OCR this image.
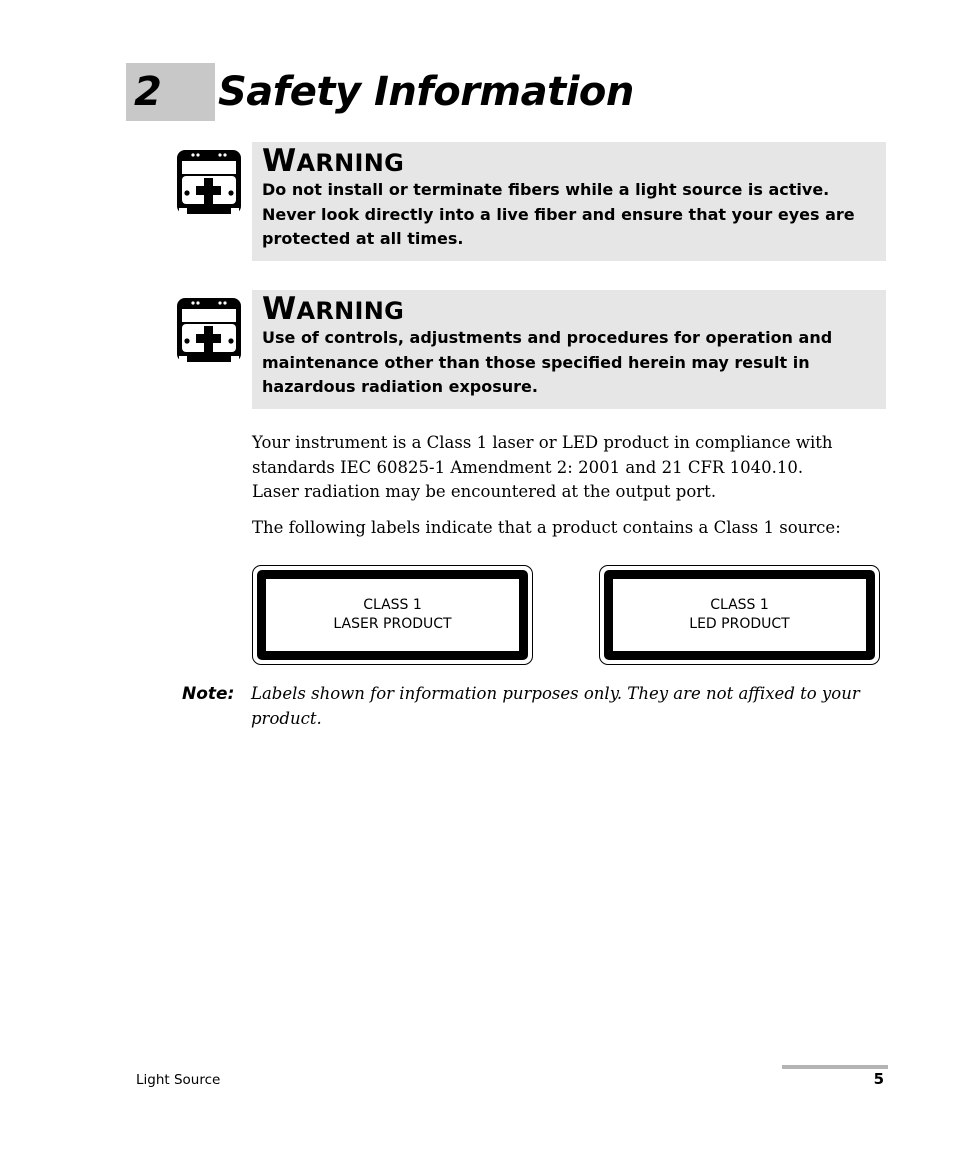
2 Safety Information
WARNING
Do not install or terminate fibers while a light source is active. Never look directly into a live fiber and ensure that your eyes are protected at all times.
WARNING
Use of controls, adjustments and procedures for operation and maintenance other than those specified herein may result in hazardous radiation exposure.
Your instrument is a Class 1 laser or LED product in compliance with
standards IEC 60825-1 Amendment 2: 2001 and 21 CFR 1040.10.
Laser radiation may be encountered at the output port.
The following labels indicate that a product contains a Class 1 source:
CLASS 1
LASER PRODUCT
CLASS 1
LED PRODUCT
Note: Labels shown for information purposes only. They are not affixed to your product.
Light Source	5
